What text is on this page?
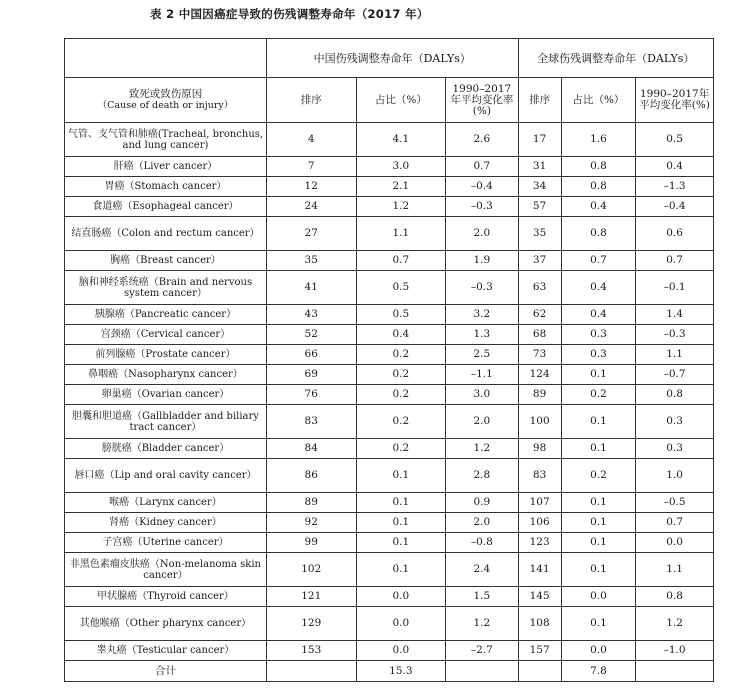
表 2 中国因癌症导致的伤残调整寿命年（2017 年）
	中国伤残调整寿命年（DALYs）			全球伤残调整寿命年（DALYs）		

致死或致伤原因
（Cause of death or injury）	排序	占比（%）	1990–2017年平均变化率(%)	排序	占比（%）	1990–2017年平均变化率(%)
气管、支气管和肺癌(Tracheal, bronchus, and lung cancer)	4	4.1	2.6	17	1.6	0.5
肝癌（Liver cancer）	7	3.0	0.7	31	0.8	0.4
胃癌（Stomach cancer）	12	2.1	–0.4	34	0.8	–1.3
食道癌（Esophageal cancer）	24	1.2	–0.3	57	0.4	–0.4
结直肠癌（Colon and rectum cancer）	27	1.1	2.0	35	0.8	0.6
胸癌（Breast cancer）	35	0.7	1.9	37	0.7	0.7
脑和神经系统癌（Brain and nervous system cancer）	41	0.5	–0.3	63	0.4	–0.1
胰腺癌（Pancreatic cancer）	43	0.5	3.2	62	0.4	1.4
宫颈癌（Cervical cancer）	52	0.4	1.3	68	0.3	–0.3
前列腺癌（Prostate cancer）	66	0.2	2.5	73	0.3	1.1
鼻咽癌（Nasopharynx cancer）	69	0.2	–1.1	124	0.1	–0.7
卵巢癌（Ovarian cancer）	76	0.2	3.0	89	0.2	0.8
胆囊和胆道癌（Gallbladder and biliary tract cancer）	83	0.2	2.0	100	0.1	0.3
膀胱癌（Bladder cancer）	84	0.2	1.2	98	0.1	0.3
唇口癌（Lip and oral cavity cancer）	86	0.1	2.8	83	0.2	1.0
喉癌（Larynx cancer）	89	0.1	0.9	107	0.1	–0.5
肾癌（Kidney cancer）	92	0.1	2.0	106	0.1	0.7
子宫癌（Uterine cancer）	99	0.1	–0.8	123	0.1	0.0
非黑色素瘤皮肤癌（Non-melanoma skin cancer）	102	0.1	2.4	141	0.1	1.1
甲状腺癌（Thyroid cancer）	121	0.0	1.5	145	0.0	0.8
其他喉癌（Other pharynx cancer）	129	0.0	1.2	108	0.1	1.2
睾丸癌（Testicular cancer）	153	0.0	–2.7	157	0.0	–1.0
合计		15.3			7.8	
